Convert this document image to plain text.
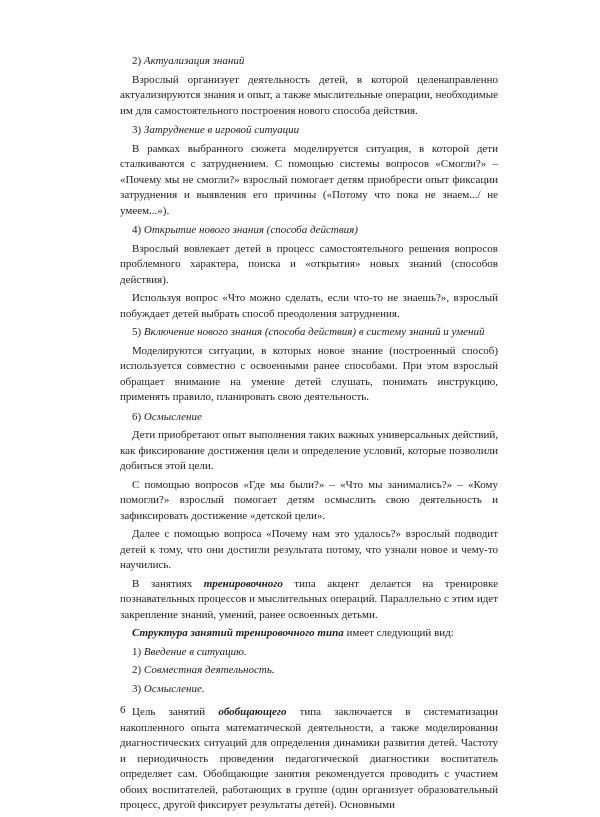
2) Актуализация знаний
Взрослый организует деятельность детей, в которой целенаправленно актуализируются знания и опыт, а также мыслительные операции, необходимые им для самостоятельного построения нового способа действия.
3) Затруднение в игровой ситуации
В рамках выбранного сюжета моделируется ситуация, в которой дети сталкиваются с затруднением. С помощью системы вопросов «Смогли?» – «Почему мы не смогли?» взрослый помогает детям приобрести опыт фиксации затруднения и выявления его причины («Потому что пока не знаем.../ не умеем...»).
4) Открытие нового знания (способа действия)
Взрослый вовлекает детей в процесс самостоятельного решения вопросов проблемного характера, поиска и «открытия» новых знаний (способов действия).
Используя вопрос «Что можно сделать, если что-то не знаешь?», взрослый побуждает детей выбрать способ преодоления затруднения.
5) Включение нового знания (способа действия) в систему знаний и умений
Моделируются ситуации, в которых новое знание (построенный способ) используется совместно с освоенными ранее способами. При этом взрослый обращает внимание на умение детей слушать, понимать инструкцию, применять правило, планировать свою деятельность.
6) Осмысление
Дети приобретают опыт выполнения таких важных универсальных действий, как фиксирование достижения цели и определение условий, которые позволили добиться этой цели.
С помощью вопросов «Где мы были?» – «Что мы занимались?» – «Кому помогли?» взрослый помогает детям осмыслить свою деятельность и зафиксировать достижение «детской цели».
Далее с помощью вопроса «Почему нам это удалось?» взрослый подводит детей к тому, что они достигли результата потому, что узнали новое и чему-то научились.
В занятиях тренировочного типа акцент делается на тренировке познавательных процессов и мыслительных операций. Параллельно с этим идет закрепление знаний, умений, ранее освоенных детьми.
Структура занятий тренировочного типа имеет следующий вид:
1) Введение в ситуацию.
2) Совместная деятельность.
3) Осмысление.
Цель занятий обобщающего типа заключается в систематизации накопленного опыта математической деятельности, а также моделировании диагностических ситуаций для определения динамики развития детей. Частоту и периодичность проведения педагогической диагностики воспитатель определяет сам. Обобщающие занятия рекомендуется проводить с участием обоих воспитателей, работающих в группе (один организует образовательный процесс, другой фиксирует результаты детей). Основными
6
